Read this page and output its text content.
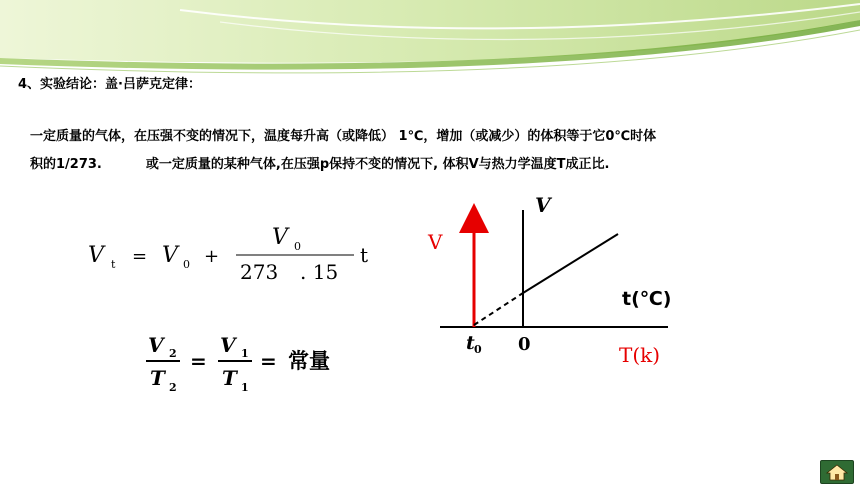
4、实验结论：盖·吕萨克定律：
一定质量的气体，在压强不变的情况下，温度每升高（或降低） 1℃，增加（或减少）的体积等于它0℃时体
积的1/273.	或一定质量的某种气体,在压强p保持不变的情况下, 体积V与热力学温度T成正比.
V t = V 0 +
V 0
273 . 15
t
V 2
T 2
=
V 1
T 1
= 常量
V
V
t(℃)
0
t 0	T(k)
